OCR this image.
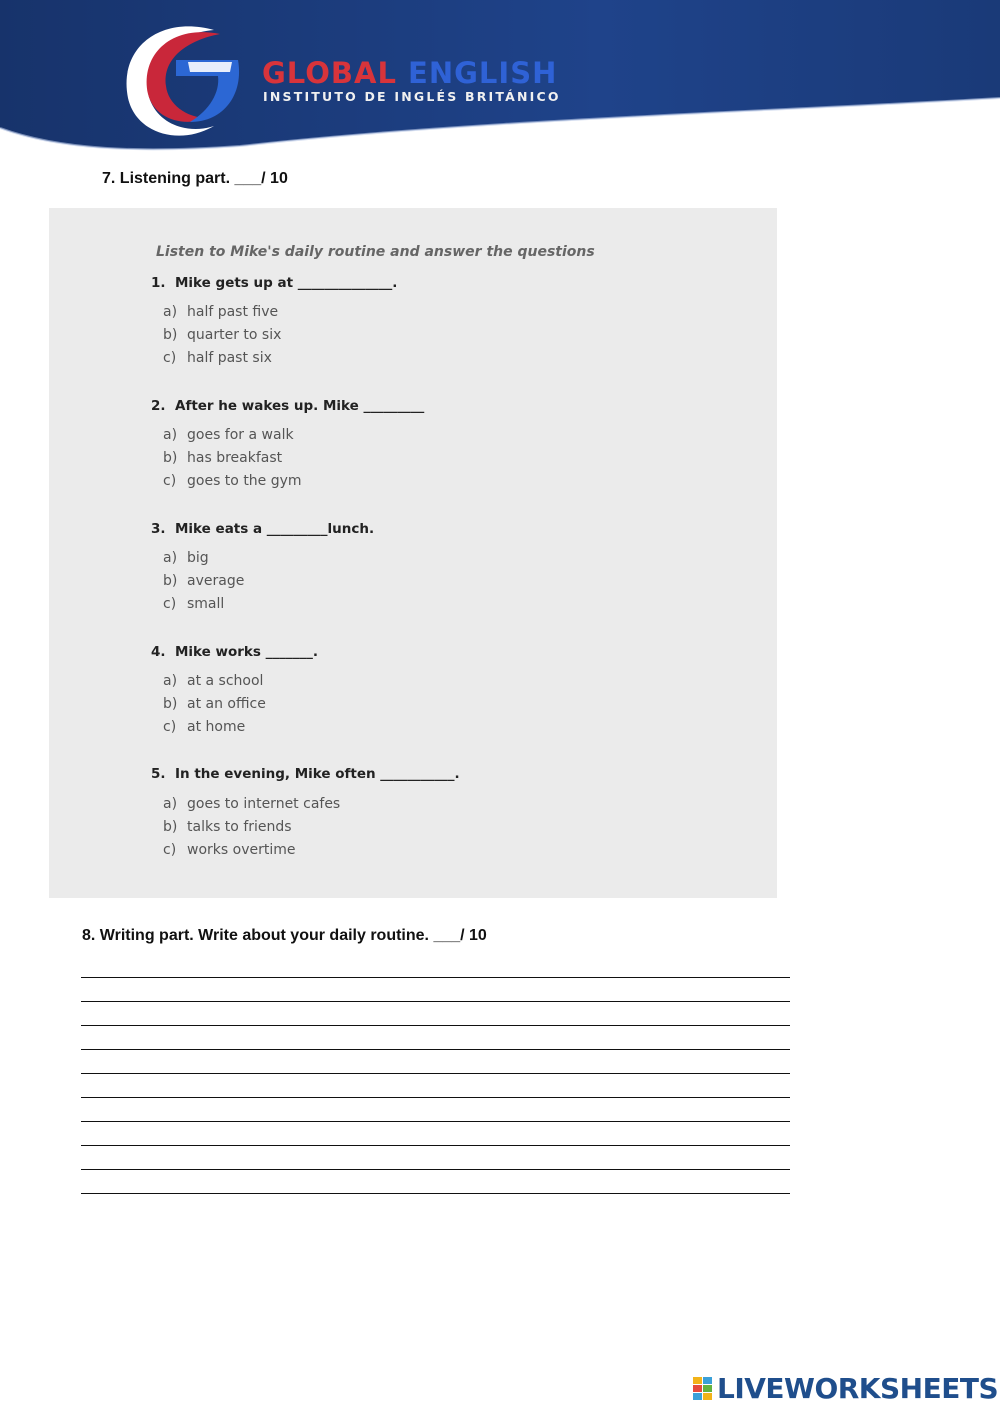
GLOBAL ENGLISH
INSTITUTO DE INGLÉS BRITÁNICO
7. Listening part. ___/ 10
Listen to Mike's daily routine and answer the questions
1. Mike gets up at ______________.
a) half past five
b) quarter to six
c) half past six
2. After he wakes up. Mike _________
a) goes for a walk
b) has breakfast
c) goes to the gym
3. Mike eats a _________lunch.
a) big
b) average
c) small
4. Mike works _______.
a) at a school
b) at an office
c) at home
5. In the evening, Mike often ___________.
a) goes to internet cafes
b) talks to friends
c) works overtime
8. Writing part. Write about your daily routine. ___/ 10
LIVEWORKSHEETS
